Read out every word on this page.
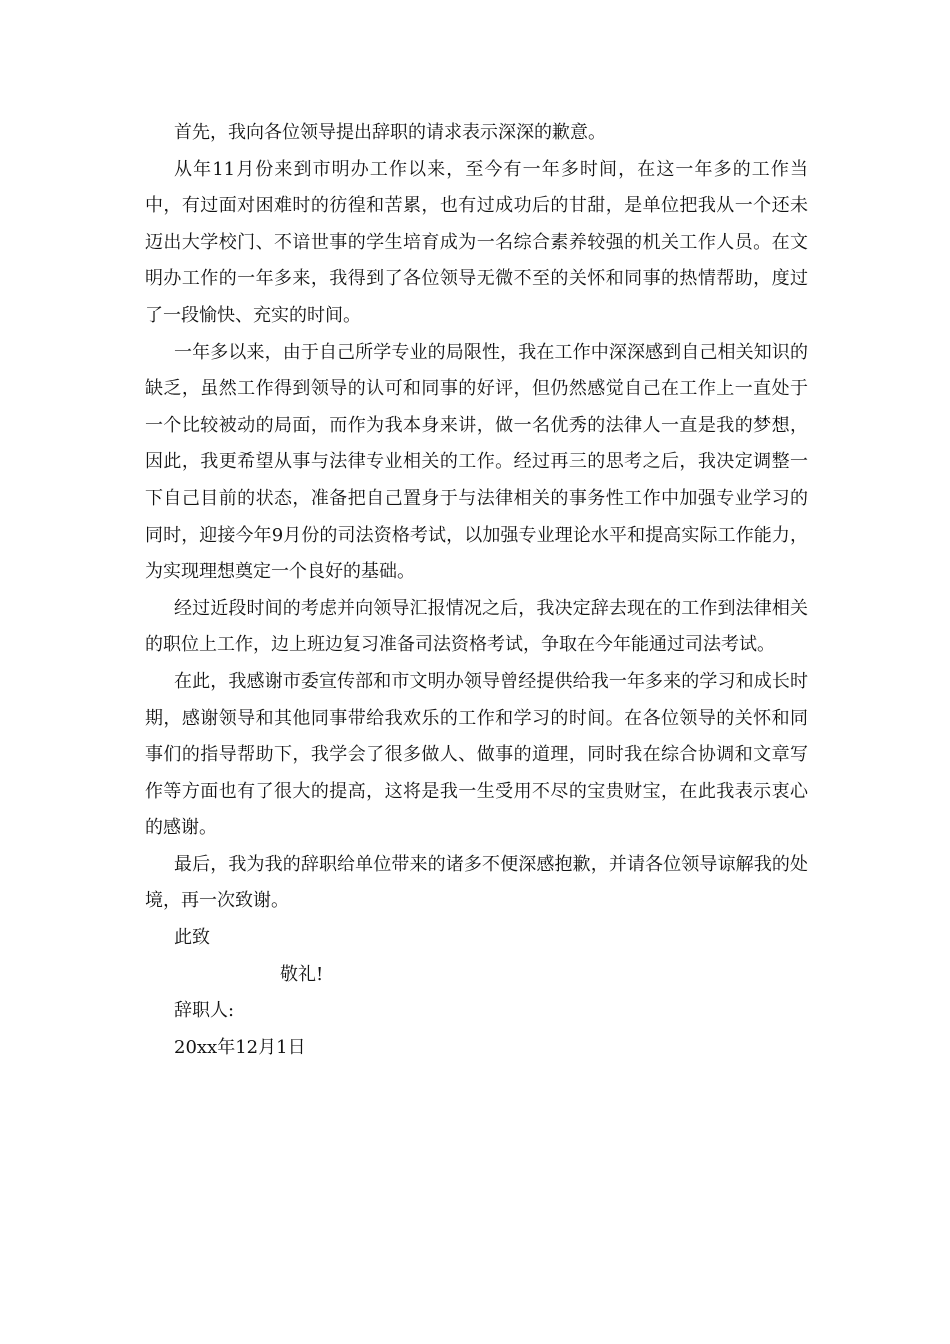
首先，我向各位领导提出辞职的请求表示深深的歉意。

从年11月份来到市明办工作以来，至今有一年多时间，在这一年多的工作当中，有过面对困难时的彷徨和苦累，也有过成功后的甘甜，是单位把我从一个还未迈出大学校门、不谙世事的学生培育成为一名综合素养较强的机关工作人员。在文明办工作的一年多来，我得到了各位领导无微不至的关怀和同事的热情帮助，度过了一段愉快、充实的时间。

一年多以来，由于自己所学专业的局限性，我在工作中深深感到自己相关知识的缺乏，虽然工作得到领导的认可和同事的好评，但仍然感觉自己在工作上一直处于一个比较被动的局面，而作为我本身来讲，做一名优秀的法律人一直是我的梦想，因此，我更希望从事与法律专业相关的工作。经过再三的思考之后，我决定调整一下自己目前的状态，准备把自己置身于与法律相关的事务性工作中加强专业学习的同时，迎接今年9月份的司法资格考试，以加强专业理论水平和提高实际工作能力，为实现理想奠定一个良好的基础。

经过近段时间的考虑并向领导汇报情况之后，我决定辞去现在的工作到法律相关的职位上工作，边上班边复习准备司法资格考试，争取在今年能通过司法考试。

在此，我感谢市委宣传部和市文明办领导曾经提供给我一年多来的学习和成长时期，感谢领导和其他同事带给我欢乐的工作和学习的时间。在各位领导的关怀和同事们的指导帮助下，我学会了很多做人、做事的道理，同时我在综合协调和文章写作等方面也有了很大的提高，这将是我一生受用不尽的宝贵财宝，在此我表示衷心的感谢。

最后，我为我的辞职给单位带来的诸多不便深感抱歉，并请各位领导谅解我的处境，再一次致谢。

此致

敬礼!

辞职人:

20xx年12月1日
